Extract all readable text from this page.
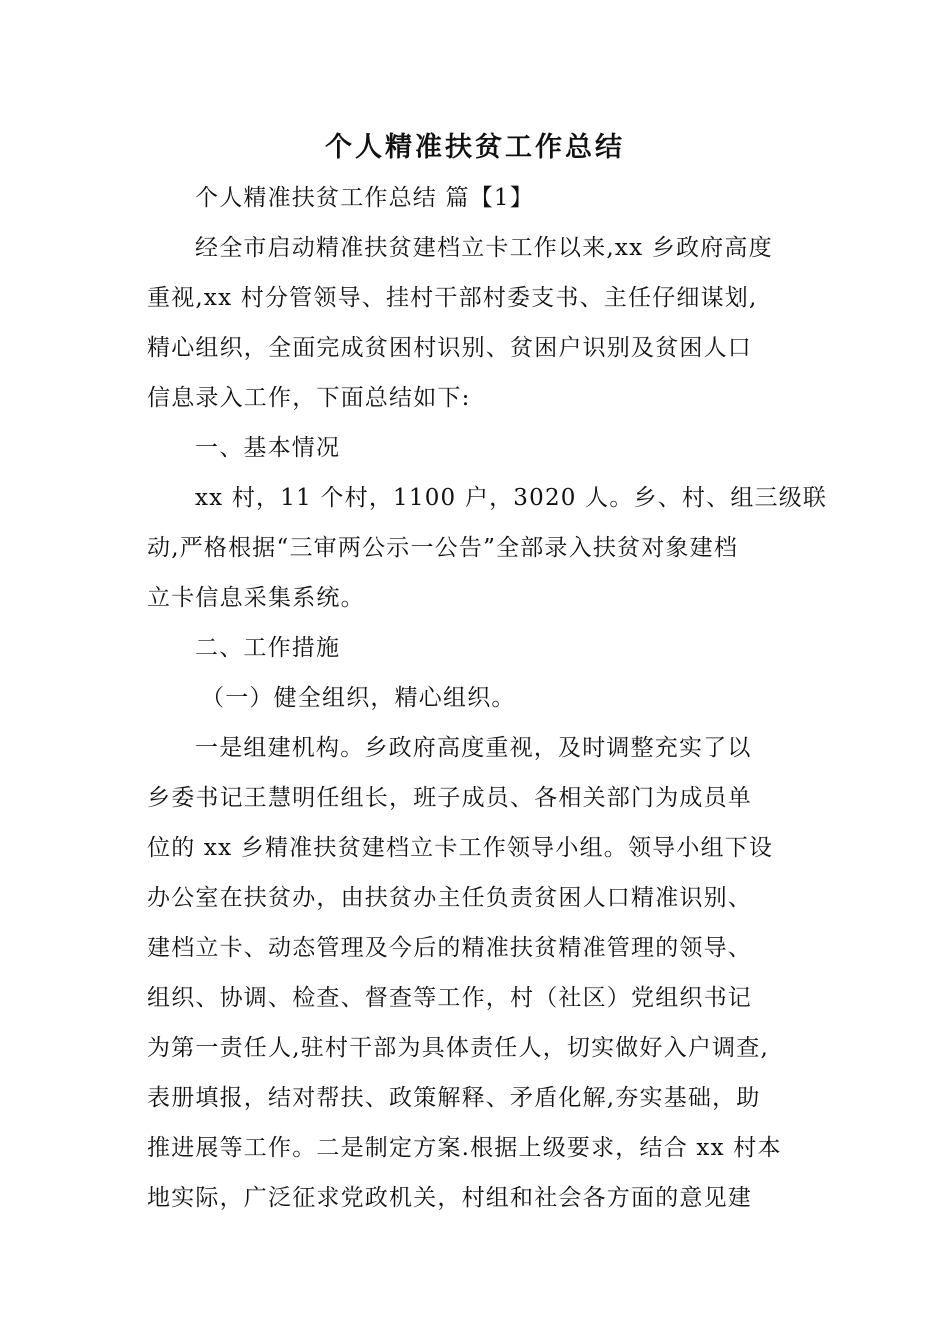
个人精准扶贫工作总结
个人精准扶贫工作总结 篇【1】
经全市启动精准扶贫建档立卡工作以来,xx 乡政府高度
重视,xx 村分管领导、挂村干部村委支书、主任仔细谋划,
精心组织，全面完成贫困村识别、贫困户识别及贫困人口
信息录入工作，下面总结如下:
一、基本情况
xx 村，11 个村，1100 户，3020 人。乡、村、组三级联
动,严格根据“三审两公示一公告”全部录入扶贫对象建档
立卡信息采集系统。
二、工作措施
（一）健全组织，精心组织。
一是组建机构。乡政府高度重视，及时调整充实了以
乡委书记王慧明任组长，班子成员、各相关部门为成员单
位的 xx 乡精准扶贫建档立卡工作领导小组。领导小组下设
办公室在扶贫办，由扶贫办主任负责贫困人口精准识别、
建档立卡、动态管理及今后的精准扶贫精准管理的领导、
组织、协调、检查、督查等工作，村（社区）党组织书记
为第一责任人,驻村干部为具体责任人，切实做好入户调查,
表册填报，结对帮扶、政策解释、矛盾化解,夯实基础，助
推进展等工作。二是制定方案.根据上级要求，结合 xx 村本
地实际，广泛征求党政机关，村组和社会各方面的意见建
